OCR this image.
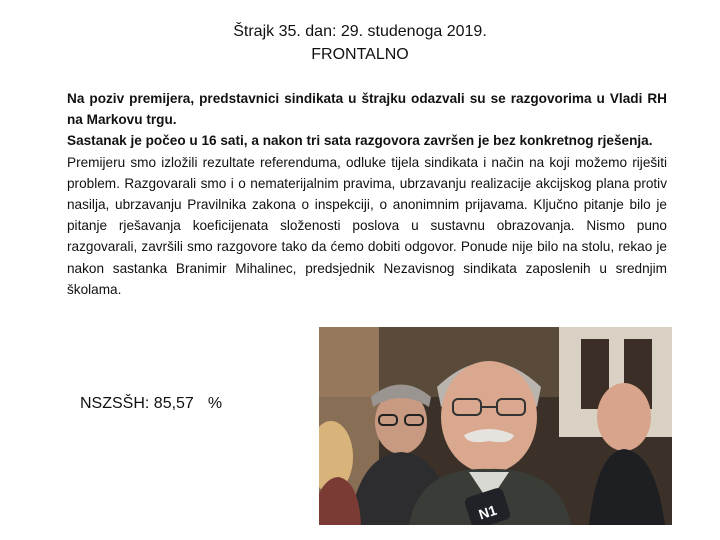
Štrajk 35. dan: 29. studenoga 2019.
FRONTALNO

Na poziv premijera, predstavnici sindikata u štrajku odazvali su se razgovorima u Vladi RH na Markovu trgu.

Sastanak je počeo u 16 sati, a nakon tri sata razgovora završen je bez konkretnog rješenja.

Premijeru smo izložili rezultate referenduma, odluke tijela sindikata i način na koji možemo riješiti problem. Razgovarali smo i o nematerijalnim pravima, ubrzavanju realizacije akcijskog plana protiv nasilja, ubrzavanju Pravilnika zakona o inspekciji, o anonimnim prijavama. Ključno pitanje bilo je pitanje rješavanja koeficijenata složenosti poslova u sustavnu obrazovanja. Nismo puno razgovarali, završili smo razgovore tako da ćemo dobiti odgovor. Ponude nije bilo na stolu, rekao je nakon sastanka Branimir Mihalinec, predsjednik Nezavisnog sindikata zaposlenih u srednjim školama.

NSZSŠH: 85,57 %
N1
